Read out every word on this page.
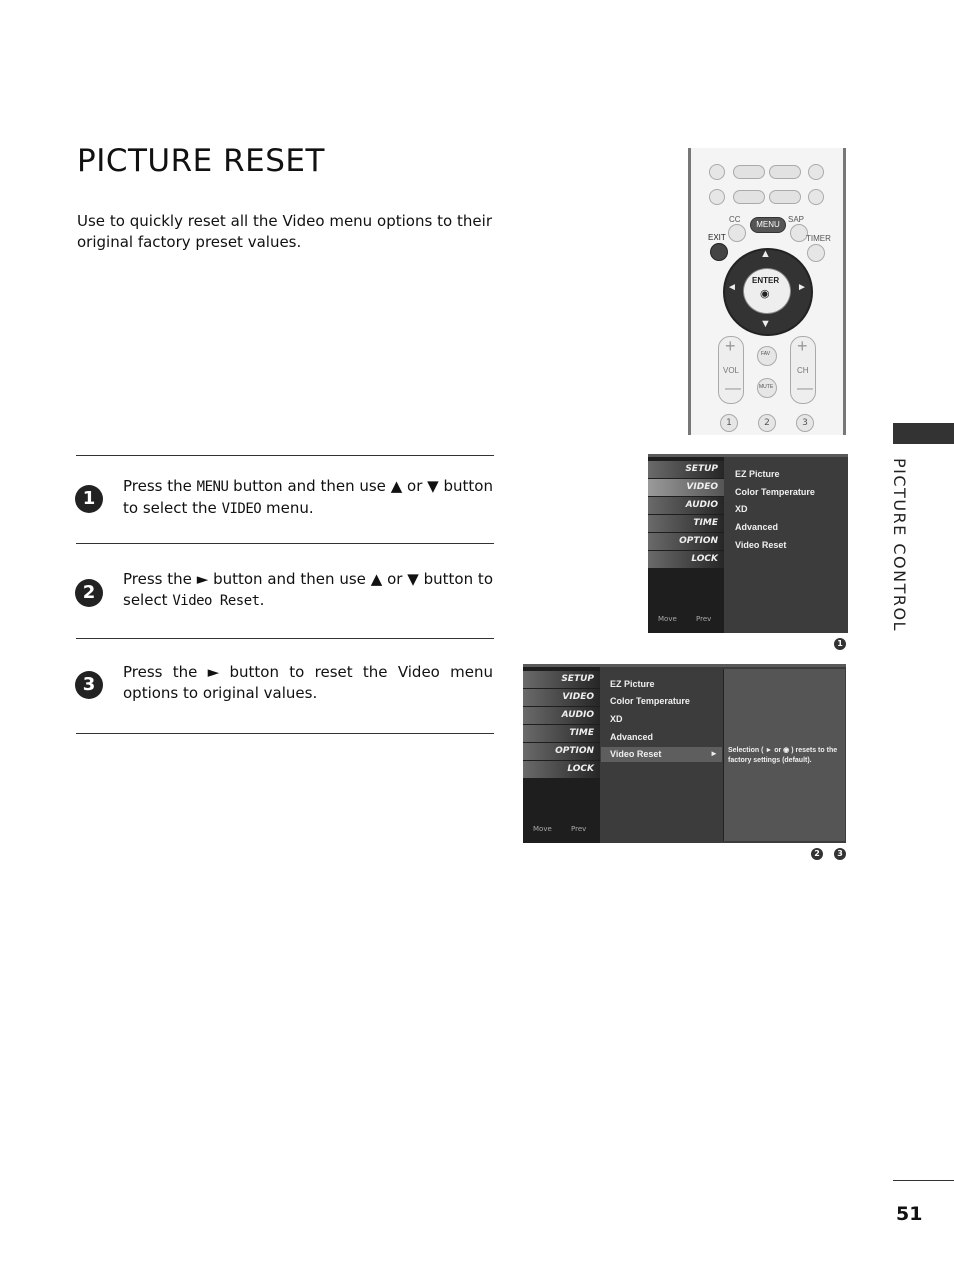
PICTURE RESET
Use to quickly reset all the Video menu options to their original factory preset values.
1
Press the MENU button and then use ▲ or ▼ button to select the VIDEO menu.
2
Press the ► button and then use ▲ or ▼ button to select Video Reset.
3
Press the ► button to reset the Video menu options to original values.
CC	SAP
MENU
EXIT	TIMER
ENTER
◉
▲
▼
◄	►
+
VOL
—
+
CH
—
FAV
MUTE
1	2	3
SETUP
VIDEO
AUDIO
TIME
OPTION
LOCK
Move	Prev
EZ Picture
Color Temperature
XD
Advanced
Video Reset
1
SETUP
VIDEO
AUDIO
TIME
OPTION
LOCK
Move	Prev
EZ Picture
Color Temperature
XD
Advanced
Video Reset	► Selection ( ► or ◉ ) resets to the factory settings (default).
2	3
PICTURE CONTROL
51
